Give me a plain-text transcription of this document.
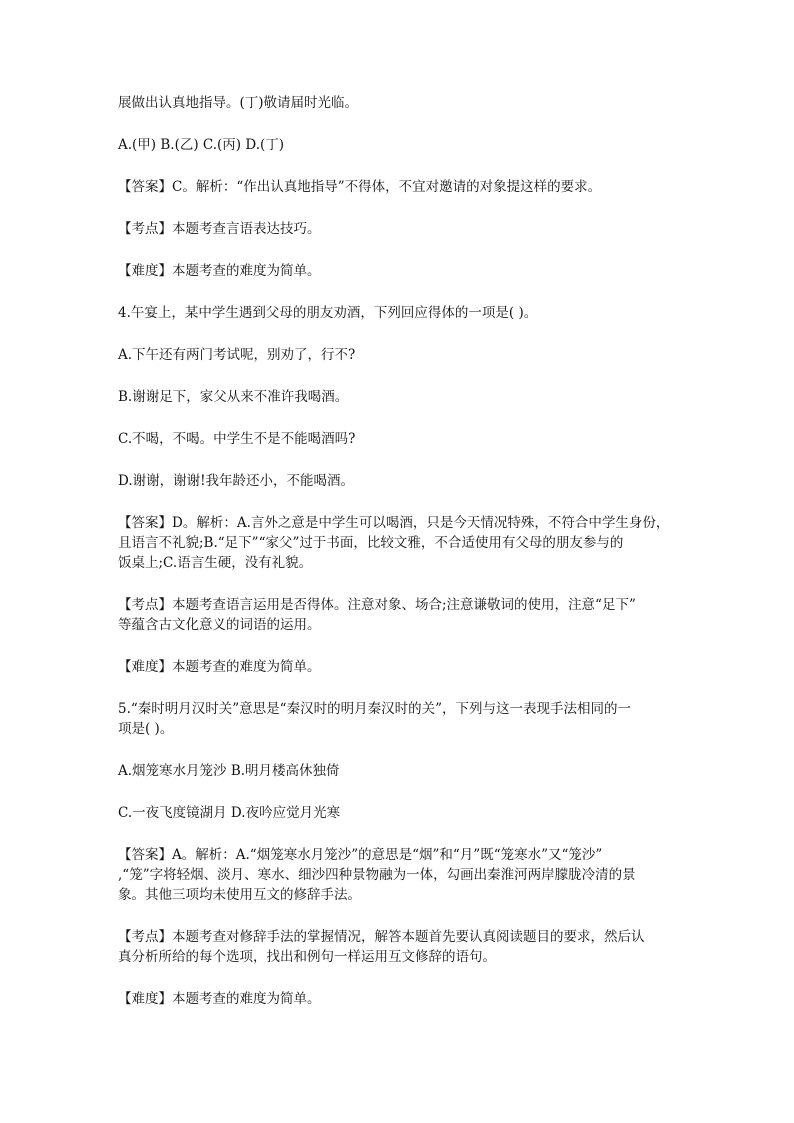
展做出认真地指导。(丁)敬请届时光临。

A.(甲) B.(乙) C.(丙) D.(丁)

【答案】C。解析：“作出认真地指导”不得体，不宜对邀请的对象提这样的要求。

【考点】本题考查言语表达技巧。

【难度】本题考查的难度为简单。

4.午宴上，某中学生遇到父母的朋友劝酒，下列回应得体的一项是( )。

A.下午还有两门考试呢，别劝了，行不?

B.谢谢足下，家父从来不准许我喝酒。

C.不喝，不喝。中学生不是不能喝酒吗?

D.谢谢，谢谢!我年龄还小，不能喝酒。

【答案】D。解析：A.言外之意是中学生可以喝酒，只是今天情况特殊，不符合中学生身份，
且语言不礼貌;B.“足下”“家父”过于书面，比较文雅，不合适使用有父母的朋友参与的
饭桌上;C.语言生硬，没有礼貌。

【考点】本题考查语言运用是否得体。注意对象、场合;注意谦敬词的使用，注意“足下”
等蕴含古文化意义的词语的运用。

【难度】本题考查的难度为简单。

5.“秦时明月汉时关”意思是“秦汉时的明月秦汉时的关”，下列与这一表现手法相同的一
项是( )。

A.烟笼寒水月笼沙 B.明月楼高休独倚

C.一夜飞度镜湖月 D.夜吟应觉月光寒

【答案】A。解析：A.“烟笼寒水月笼沙”的意思是“烟”和“月”既“笼寒水”又“笼沙”
,“笼”字将轻烟、淡月、寒水、细沙四种景物融为一体，勾画出秦淮河两岸朦胧冷清的景
象。其他三项均未使用互文的修辞手法。

【考点】本题考查对修辞手法的掌握情况，解答本题首先要认真阅读题目的要求，然后认
真分析所给的每个选项，找出和例句一样运用互文修辞的语句。

【难度】本题考查的难度为简单。
